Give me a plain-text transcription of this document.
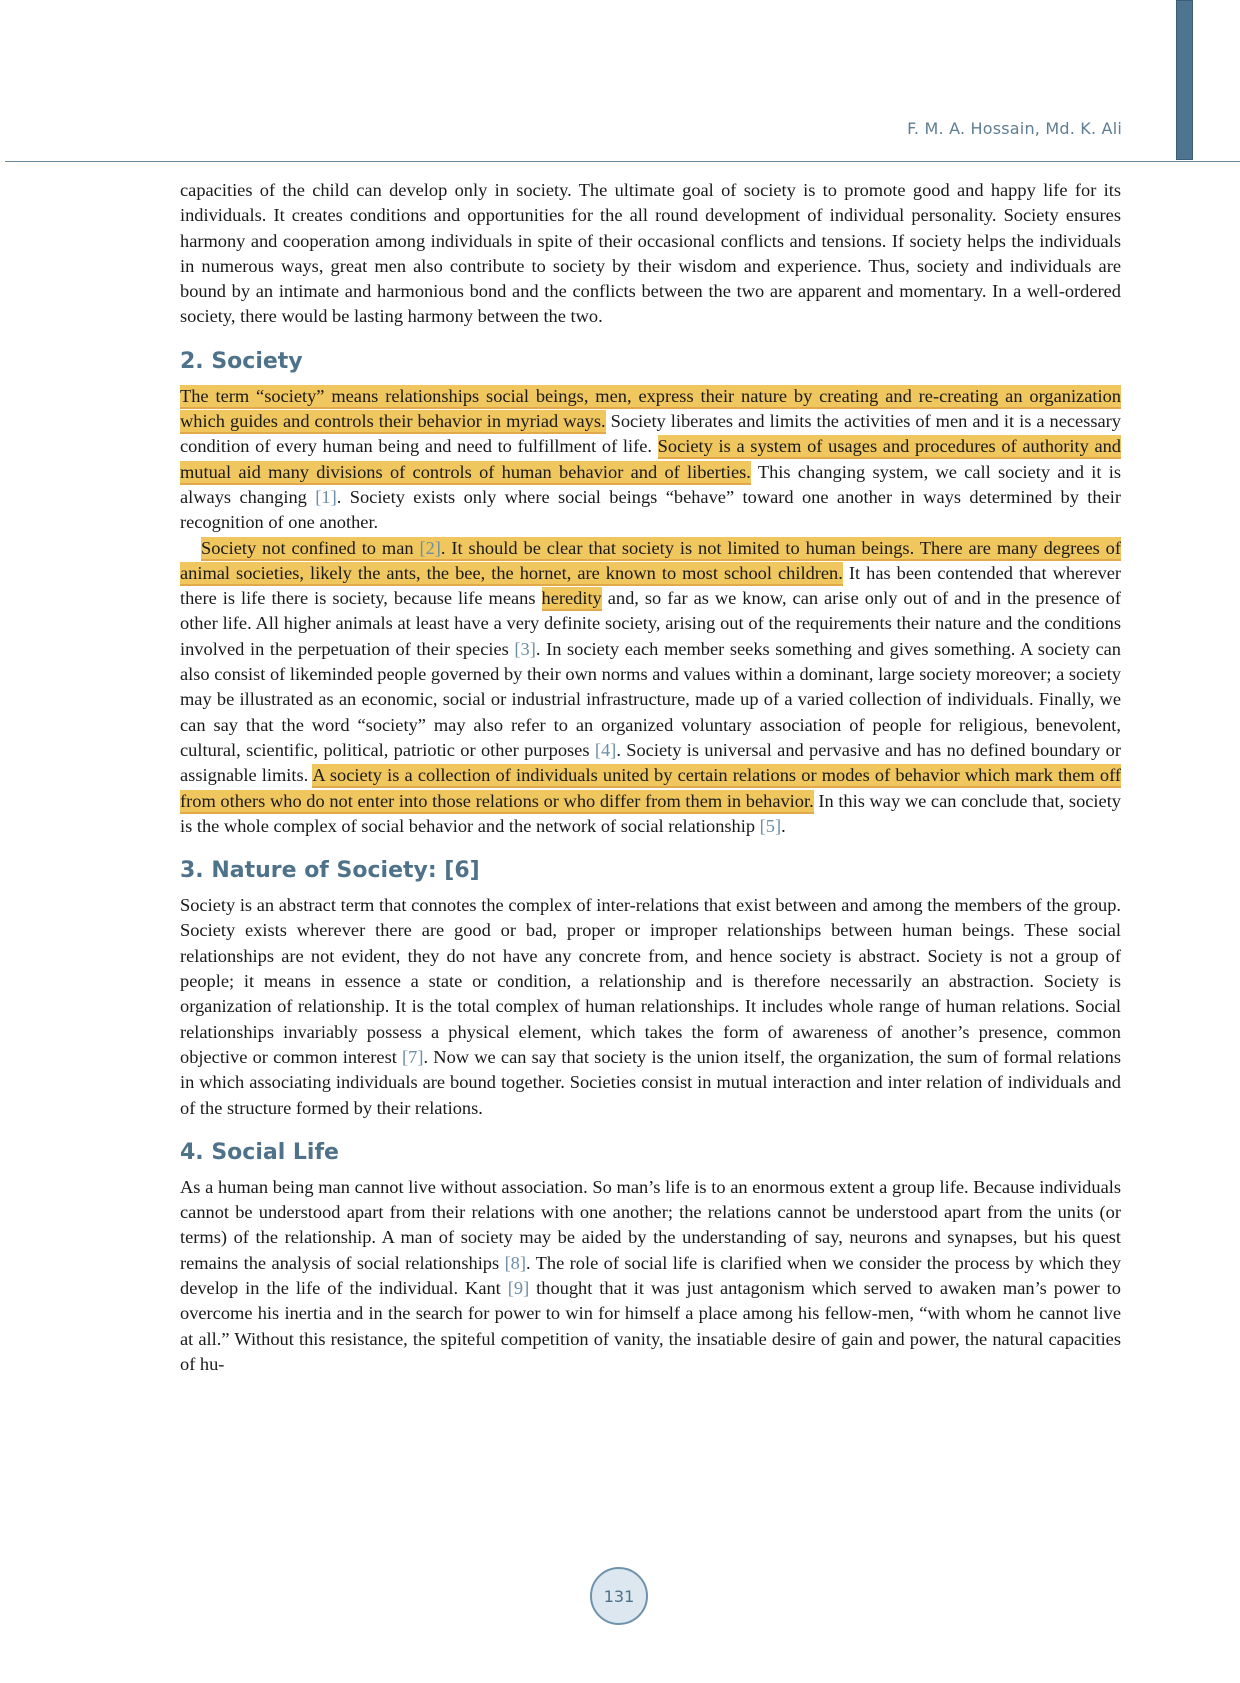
F. M. A. Hossain, Md. K. Ali

capacities of the child can develop only in society. The ultimate goal of society is to promote good and happy life for its individuals. It creates conditions and opportunities for the all round development of individual personality. Society ensures harmony and cooperation among individuals in spite of their occasional conflicts and tensions. If society helps the individuals in numerous ways, great men also contribute to society by their wisdom and experience. Thus, society and individuals are bound by an intimate and harmonious bond and the conflicts between the two are apparent and momentary. In a well-ordered society, there would be lasting harmony between the two.

2. Society

The term “society” means relationships social beings, men, express their nature by creating and re-creating an organization which guides and controls their behavior in myriad ways. Society liberates and limits the activities of men and it is a necessary condition of every human being and need to fulfillment of life. Society is a system of usages and procedures of authority and mutual aid many divisions of controls of human behavior and of liberties. This changing system, we call society and it is always changing [1]. Society exists only where social beings “behave” toward one another in ways determined by their recognition of one another.

Society not confined to man [2]. It should be clear that society is not limited to human beings. There are many degrees of animal societies, likely the ants, the bee, the hornet, are known to most school children. It has been contended that wherever there is life there is society, because life means heredity and, so far as we know, can arise only out of and in the presence of other life. All higher animals at least have a very definite society, arising out of the requirements their nature and the conditions involved in the perpetuation of their species [3]. In society each member seeks something and gives something. A society can also consist of likeminded people governed by their own norms and values within a dominant, large society moreover; a society may be illustrated as an economic, social or industrial infrastructure, made up of a varied collection of individuals. Finally, we can say that the word “society” may also refer to an organized voluntary association of people for religious, benevolent, cultural, scientific, political, patriotic or other purposes [4]. Society is universal and pervasive and has no defined boundary or assignable limits. A society is a collection of individuals united by certain relations or modes of behavior which mark them off from others who do not enter into those relations or who differ from them in behavior. In this way we can conclude that, society is the whole complex of social behavior and the network of social relationship [5].

3. Nature of Society: [6]

Society is an abstract term that connotes the complex of inter-relations that exist between and among the members of the group. Society exists wherever there are good or bad, proper or improper relationships between human beings. These social relationships are not evident, they do not have any concrete from, and hence society is abstract. Society is not a group of people; it means in essence a state or condition, a relationship and is therefore necessarily an abstraction. Society is organization of relationship. It is the total complex of human relationships. It includes whole range of human relations. Social relationships invariably possess a physical element, which takes the form of awareness of another’s presence, common objective or common interest [7]. Now we can say that society is the union itself, the organization, the sum of formal relations in which associating individuals are bound together. Societies consist in mutual interaction and inter relation of individuals and of the structure formed by their relations.

4. Social Life

As a human being man cannot live without association. So man’s life is to an enormous extent a group life. Because individuals cannot be understood apart from their relations with one another; the relations cannot be understood apart from the units (or terms) of the relationship. A man of society may be aided by the understanding of say, neurons and synapses, but his quest remains the analysis of social relationships [8]. The role of social life is clarified when we consider the process by which they develop in the life of the individual. Kant [9] thought that it was just antagonism which served to awaken man’s power to overcome his inertia and in the search for power to win for himself a place among his fellow-men, “with whom he cannot live at all.” Without this resistance, the spiteful competition of vanity, the insatiable desire of gain and power, the natural capacities of hu-

131
